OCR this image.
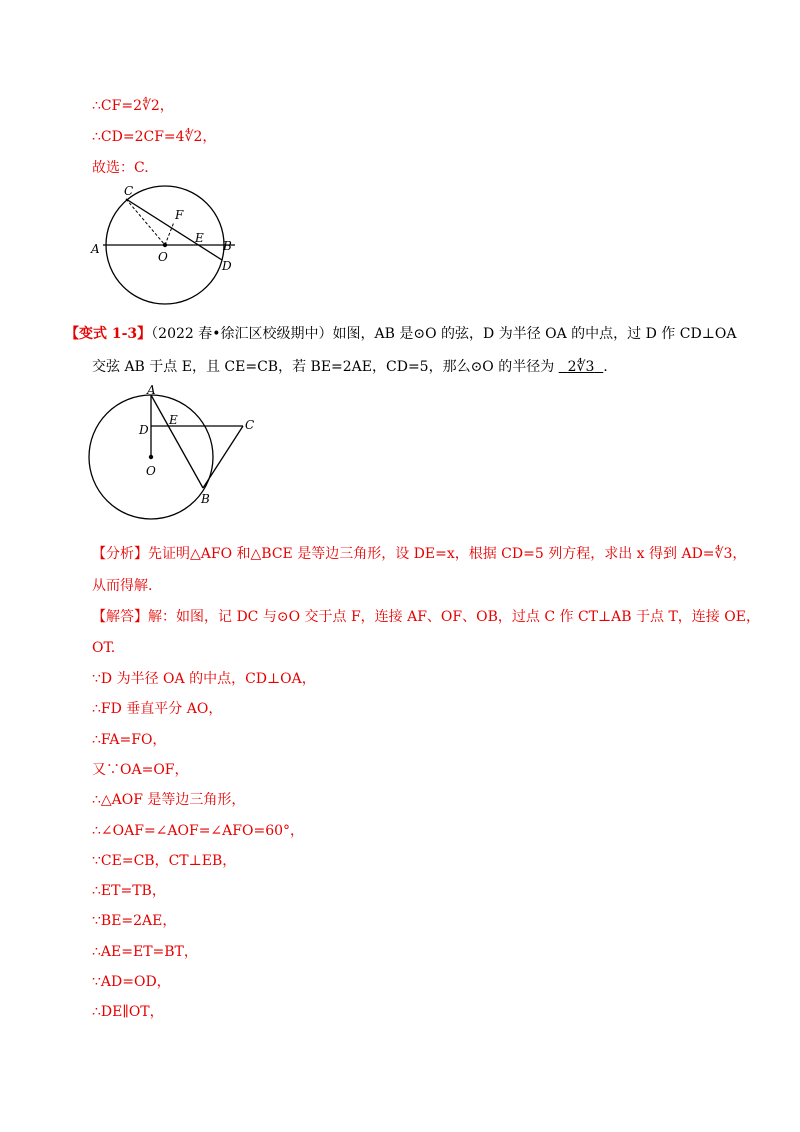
∴CF=2∜2，
∴CD=2CF=4∜2，
故选：C.
A	B
C
D
E
F
O
【变式 1-3】（2022 春•徐汇区校级期中）如图，AB 是⊙O 的弦，D 为半径 OA 的中点，过 D 作 CD⊥OA
交弦 AB 于点 E，且 CE=CB，若 BE=2AE，CD=5，那么⊙O 的半径为 2∜3 .
A
B
C
D
E
O
【分析】先证明△AFO 和△BCE 是等边三角形，设 DE=x，根据 CD=5 列方程，求出 x 得到 AD=∜3，
从而得解.
【解答】解：如图，记 DC 与⊙O 交于点 F，连接 AF、OF、OB，过点 C 作 CT⊥AB 于点 T，连接 OE，
OT.
∵D 为半径 OA 的中点，CD⊥OA，
∴FD 垂直平分 AO，
∴FA=FO，
又∵OA=OF，
∴△AOF 是等边三角形，
∴∠OAF=∠AOF=∠AFO=60°，
∵CE=CB，CT⊥EB，
∴ET=TB，
∵BE=2AE，
∴AE=ET=BT，
∵AD=OD，
∴DE∥OT，
